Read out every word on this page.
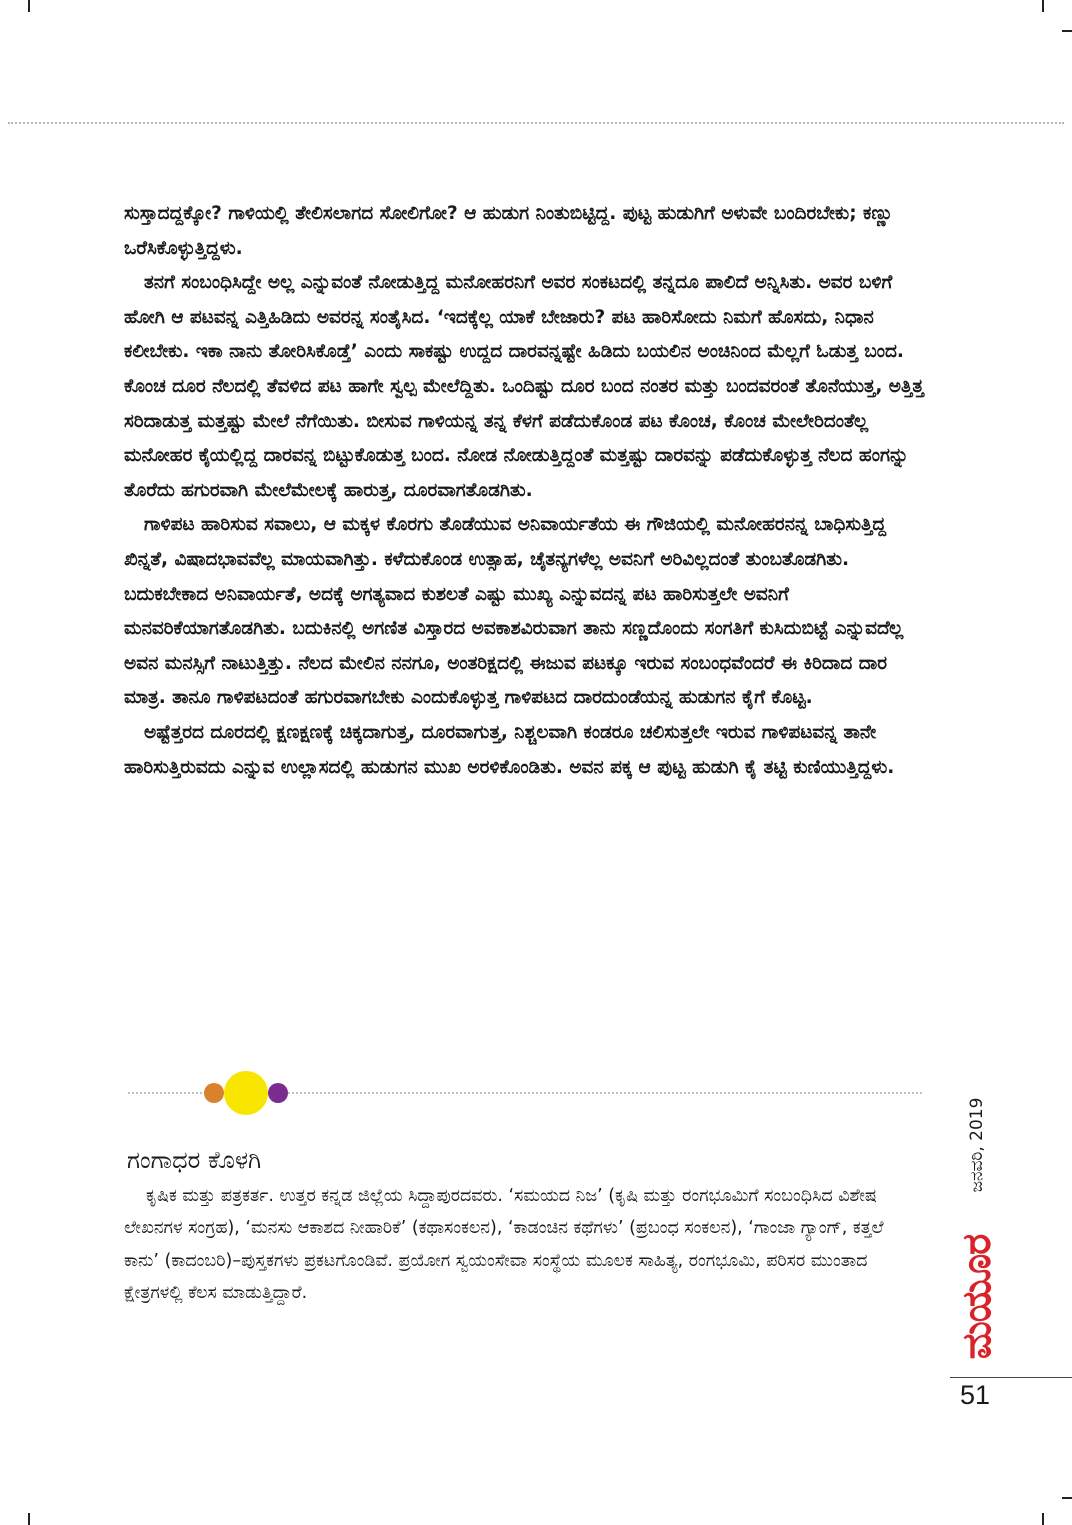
ಸುಸ್ತಾದದ್ದಕ್ಕೋ? ಗಾಳಿಯಲ್ಲಿ ತೇಲಿಸಲಾಗದ ಸೋಲಿಗೋ? ಆ ಹುಡುಗ ನಿಂತುಬಿಟ್ಟಿದ್ದ. ಪುಟ್ಟ ಹುಡುಗಿಗೆ ಅಳುವೇ ಬಂದಿರಬೇಕು; ಕಣ್ಣು ಒರೆಸಿಕೊಳ್ಳುತ್ತಿದ್ದಳು.

ತನಗೆ ಸಂಬಂಧಿಸಿದ್ದೇ ಅಲ್ಲ ಎನ್ನುವಂತೆ ನೋಡುತ್ತಿದ್ದ ಮನೋಹರನಿಗೆ ಅವರ ಸಂಕಟದಲ್ಲಿ ತನ್ನದೂ ಪಾಲಿದೆ ಅನ್ನಿಸಿತು. ಅವರ ಬಳಿಗೆ ಹೋಗಿ ಆ ಪಟವನ್ನ ಎತ್ತಿಹಿಡಿದು ಅವರನ್ನ ಸಂತೈಸಿದ. ‘ಇದಕ್ಕೆಲ್ಲ ಯಾಕೆ ಬೇಜಾರು? ಪಟ ಹಾರಿಸೋದು ನಿಮಗೆ ಹೊಸದು, ನಿಧಾನ ಕಲೀಬೇಕು. ಇಕಾ ನಾನು ತೋರಿಸಿಕೊಡ್ತೆ’ ಎಂದು ಸಾಕಷ್ಟು ಉದ್ದದ ದಾರವನ್ನಷ್ಟೇ ಹಿಡಿದು ಬಯಲಿನ ಅಂಚಿನಿಂದ ಮೆಲ್ಲಗೆ ಓಡುತ್ತ ಬಂದ. ಕೊಂಚ ದೂರ ನೆಲದಲ್ಲಿ ತೆವಳಿದ ಪಟ ಹಾಗೇ ಸ್ವಲ್ಪ ಮೇಲೆದ್ದಿತು. ಒಂದಿಷ್ಟು ದೂರ ಬಂದ ನಂತರ ಮತ್ತು ಬಂದವರಂತೆ ತೊನೆಯುತ್ತ, ಅತ್ತಿತ್ತ ಸರಿದಾಡುತ್ತ ಮತ್ತಷ್ಟು ಮೇಲೆ ನೆಗೆಯಿತು. ಬೀಸುವ ಗಾಳಿಯನ್ನ ತನ್ನ ಕೆಳಗೆ ಪಡೆದುಕೊಂಡ ಪಟ ಕೊಂಚ, ಕೊಂಚ ಮೇಲೇರಿದಂತೆಲ್ಲ ಮನೋಹರ ಕೈಯಲ್ಲಿದ್ದ ದಾರವನ್ನ ಬಿಟ್ಟುಕೊಡುತ್ತ ಬಂದ. ನೋಡ ನೋಡುತ್ತಿದ್ದಂತೆ ಮತ್ತಷ್ಟು ದಾರವನ್ನು ಪಡೆದುಕೊಳ್ಳುತ್ತ ನೆಲದ ಹಂಗನ್ನು ತೊರೆದು ಹಗುರವಾಗಿ ಮೇಲೆಮೇಲಕ್ಕೆ ಹಾರುತ್ತ, ದೂರವಾಗತೊಡಗಿತು.

ಗಾಳಿಪಟ ಹಾರಿಸುವ ಸವಾಲು, ಆ ಮಕ್ಕಳ ಕೊರಗು ತೊಡೆಯುವ ಅನಿವಾರ್ಯತೆಯ ಈ ಗೌಜಿಯಲ್ಲಿ ಮನೋಹರನನ್ನ ಬಾಧಿಸುತ್ತಿದ್ದ ಖಿನ್ನತೆ, ವಿಷಾದಭಾವವೆಲ್ಲ ಮಾಯವಾಗಿತ್ತು. ಕಳೆದುಕೊಂಡ ಉತ್ಸಾಹ, ಚೈತನ್ಯಗಳೆಲ್ಲ ಅವನಿಗೆ ಅರಿವಿಲ್ಲದಂತೆ ತುಂಬತೊಡಗಿತು. ಬದುಕಬೇಕಾದ ಅನಿವಾರ್ಯತೆ, ಅದಕ್ಕೆ ಅಗತ್ಯವಾದ ಕುಶಲತೆ ಎಷ್ಟು ಮುಖ್ಯ ಎನ್ನುವದನ್ನ ಪಟ ಹಾರಿಸುತ್ತಲೇ ಅವನಿಗೆ ಮನವರಿಕೆಯಾಗತೊಡಗಿತು. ಬದುಕಿನಲ್ಲಿ ಅಗಣಿತ ವಿಸ್ತಾರದ ಅವಕಾಶವಿರುವಾಗ ತಾನು ಸಣ್ಣದೊಂದು ಸಂಗತಿಗೆ ಕುಸಿದುಬಿಟ್ಟೆ ಎನ್ನುವದೆಲ್ಲ ಅವನ ಮನಸ್ಸಿಗೆ ನಾಟುತ್ತಿತ್ತು. ನೆಲದ ಮೇಲಿನ ನನಗೂ, ಅಂತರಿಕ್ಷದಲ್ಲಿ ಈಜುವ ಪಟಕ್ಕೂ ಇರುವ ಸಂಬಂಧವೆಂದರೆ ಈ ಕಿರಿದಾದ ದಾರ ಮಾತ್ರ. ತಾನೂ ಗಾಳಿಪಟದಂತೆ ಹಗುರವಾಗಬೇಕು ಎಂದುಕೊಳ್ಳುತ್ತ ಗಾಳಿಪಟದ ದಾರದುಂಡೆಯನ್ನ ಹುಡುಗನ ಕೈಗೆ ಕೊಟ್ಟ.

ಅಷ್ಟೆತ್ತರದ ದೂರದಲ್ಲಿ ಕ್ಷಣಕ್ಷಣಕ್ಕೆ ಚಿಕ್ಕದಾಗುತ್ತ, ದೂರವಾಗುತ್ತ, ನಿಶ್ಚಲವಾಗಿ ಕಂಡರೂ ಚಲಿಸುತ್ತಲೇ ಇರುವ ಗಾಳಿಪಟವನ್ನ ತಾನೇ ಹಾರಿಸುತ್ತಿರುವದು ಎನ್ನುವ ಉಲ್ಲಾಸದಲ್ಲಿ ಹುಡುಗನ ಮುಖ ಅರಳಿಕೊಂಡಿತು. ಅವನ ಪಕ್ಕ ಆ ಪುಟ್ಟ ಹುಡುಗಿ ಕೈ ತಟ್ಟಿ ಕುಣಿಯುತ್ತಿದ್ದಳು.

ಗಂಗಾಧರ ಕೊಳಗಿ

ಕೃಷಿಕ ಮತ್ತು ಪತ್ರಕರ್ತ. ಉತ್ತರ ಕನ್ನಡ ಜಿಲ್ಲೆಯ ಸಿದ್ದಾಪುರದವರು. ‘ಸಮಯದ ನಿಜ’ (ಕೃಷಿ ಮತ್ತು ರಂಗಭೂಮಿಗೆ ಸಂಬಂಧಿಸಿದ ವಿಶೇಷ ಲೇಖನಗಳ ಸಂಗ್ರಹ), ‘ಮನಸು ಆಕಾಶದ ನೀಹಾರಿಕೆ’ (ಕಥಾಸಂಕಲನ), ‘ಕಾಡಂಚಿನ ಕಥೆಗಳು’ (ಪ್ರಬಂಧ ಸಂಕಲನ), ‘ಗಾಂಜಾ ಗ್ಯಾಂಗ್, ಕತ್ತಲೆ ಕಾನು’ (ಕಾದಂಬರಿ)–ಪುಸ್ತಕಗಳು ಪ್ರಕಟಗೊಂಡಿವೆ. ಪ್ರಯೋಗ ಸ್ವಯಂಸೇವಾ ಸಂಸ್ಥೆಯ ಮೂಲಕ ಸಾಹಿತ್ಯ, ರಂಗಭೂಮಿ, ಪರಿಸರ ಮುಂತಾದ ಕ್ಷೇತ್ರಗಳಲ್ಲಿ ಕೆಲಸ ಮಾಡುತ್ತಿದ್ದಾರೆ.

ಜನವರಿ, 2019
ಮಯೂರ
51
